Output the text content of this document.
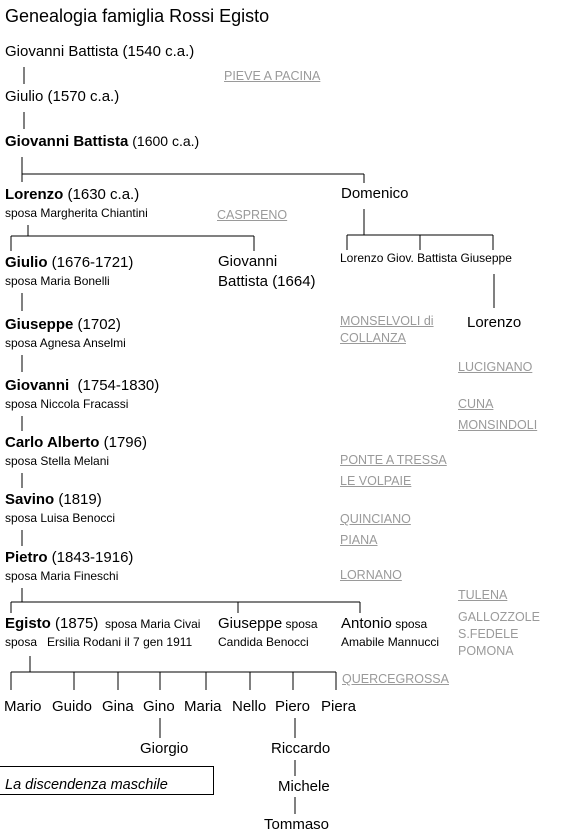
Genealogia famiglia Rossi Egisto
Giovanni Battista (1540 c.a.)
Giulio (1570 c.a.)
Giovanni Battista (1600 c.a.)
Lorenzo (1630 c.a.)
sposa Margherita Chiantini
Domenico
Lorenzo Giov. Battista Giuseppe
Lorenzo
Giulio (1676-1721)
sposa Maria Bonelli
Giovanni
Battista (1664)
Giuseppe (1702)
sposa Agnesa Anselmi
Giovanni  (1754-1830)
sposa Niccola Fracassi
Carlo Alberto (1796)
sposa Stella Melani
Savino (1819)
sposa Luisa Benocci
Pietro (1843-1916)
sposa Maria Fineschi
Egisto (1875)  sposa Maria Civai
sposa   Ersilia Rodani il 7 gen 1911
Giuseppe sposa
Candida Benocci
Antonio sposa
Amabile Mannucci
Mario Guido Gina Gino Maria Nello Piero Piera
Giorgio	Riccardo
Michele
Tommaso
La discendenza maschile
PIEVE A PACINA
CASPRENO
MONSELVOLI di
COLLANZA
LUCIGNANO
CUNA
MONSINDOLI
PONTE A TRESSA
LE VOLPAIE
QUINCIANO
PIANA
LORNANO
TULENA
GALLOZZOLE
S.FEDELE
POMONA
QUERCEGROSSA
